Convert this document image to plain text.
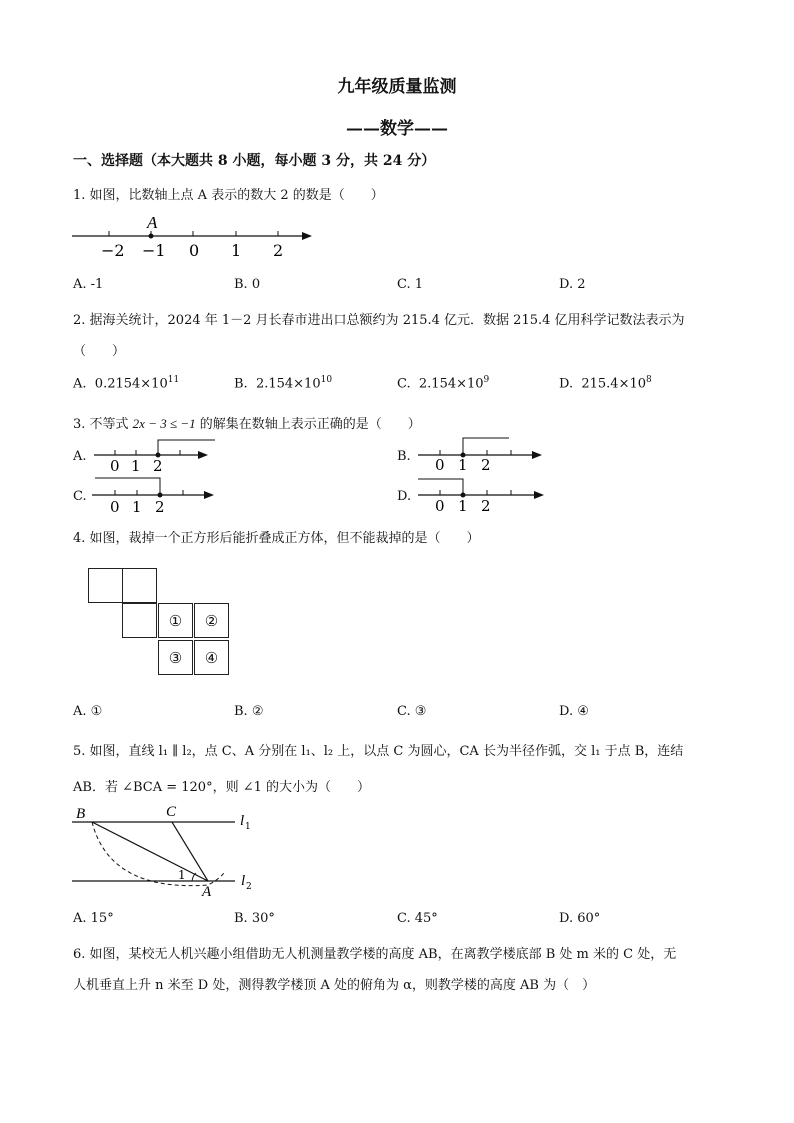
九年级质量监测
——数学——
一、选择题（本大题共 8 小题，每小题 3 分，共 24 分）
1. 如图，比数轴上点 A 表示的数大 2 的数是（　　）
A
−2 −1 0 1 2
A. -1	B. 0	C. 1	D. 2
2. 据海关统计，2024 年 1－2 月长春市进出口总额约为 215.4 亿元．数据 215.4 亿用科学记数法表示为
（　　）
A. $0.2154\times 10^{11}$	B. $2.154\times 10^{10}$	C. $2.154\times 10^9$	D. $215.4\times 10^8$
3. 不等式 2x − 3 ≤ −1 的解集在数轴上表示正确的是（　　）
0 1 2	0 1 2
0 1 2	0 1 2
A.	B.
C.	D.
4. 如图，裁掉一个正方形后能折叠成正方体，但不能裁掉的是（　　）
①	②
③	④
A. ①	B. ②	C. ③	D. ④
5. 如图，直线 l₁ ∥ l₂，点 C、A 分别在 l₁、l₂ 上，以点 C 为圆心，CA 长为半径作弧，交 l₁ 于点 B，连结
AB．若 ∠BCA = 120°，则 ∠1 的大小为（　　）
B	C
A
1
l 1
l 2
A. 15°	B. 30°	C. 45°	D. 60°
6. 如图，某校无人机兴趣小组借助无人机测量教学楼的高度 AB，在离教学楼底部 B 处 m 米的 C 处，无
人机垂直上升 n 米至 D 处，测得教学楼顶 A 处的俯角为 α，则教学楼的高度 AB 为（　）
